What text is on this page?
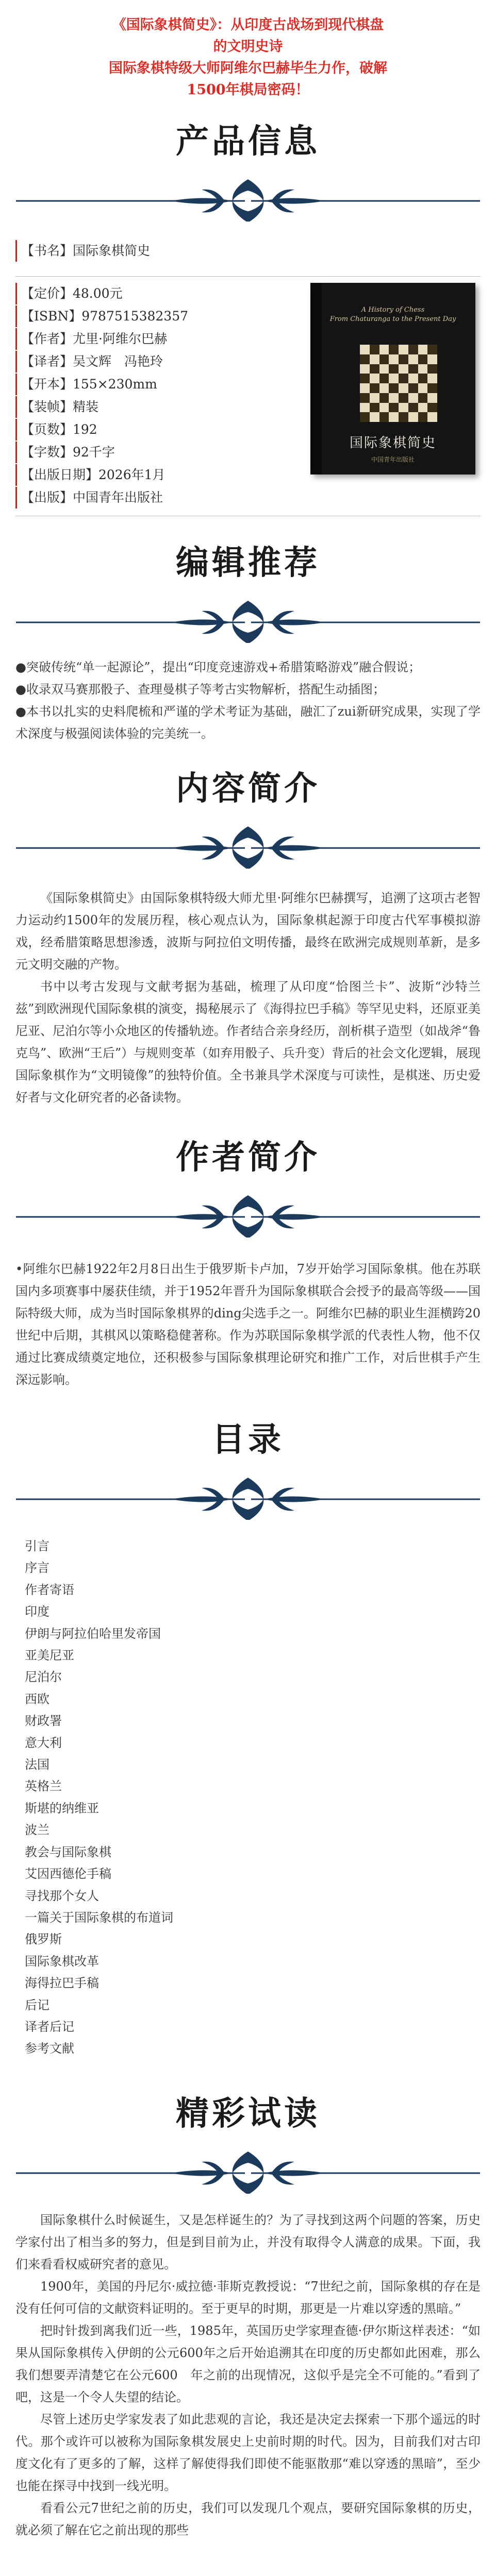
《国际象棋简史》：从印度古战场到现代棋盘

的文明史诗

国际象棋特级大师阿维尔巴赫毕生力作，破解

1500年棋局密码！

产品信息
【书名】国际象棋简史
【定价】48.00元
【ISBN】9787515382357
【作者】尤里·阿维尔巴赫
【译者】吴文辉　冯艳玲
【开本】155×230mm
【装帧】精装
【页数】192
【字数】92千字
【出版日期】2026年1月
【出版】中国青年出版社
A History of Chess
From Chaturanga to the Present Day
国际象棋简史
中国青年出版社
编辑推荐

●突破传统“单一起源论”，提出“印度竞速游戏+希腊策略游戏”融合假说；

●收录双马赛那骰子、查理曼棋子等考古实物解析，搭配生动插图；

●本书以扎实的史料爬梳和严谨的学术考证为基础，融汇了zui新研究成果，实现了学术深度与极强阅读体验的完美统一。

内容简介

《国际象棋简史》由国际象棋特级大师尤里·阿维尔巴赫撰写，追溯了这项古老智力运动约1500年的发展历程，核心观点认为，国际象棋起源于印度古代军事模拟游戏，经希腊策略思想渗透，波斯与阿拉伯文明传播，最终在欧洲完成规则革新，是多元文明交融的产物。

书中以考古发现与文献考据为基础，梳理了从印度“恰图兰卡”、波斯“沙特兰兹”到欧洲现代国际象棋的演变，揭秘展示了《海得拉巴手稿》等罕见史料，还原亚美尼亚、尼泊尔等小众地区的传播轨迹。作者结合亲身经历，剖析棋子造型（如战斧“鲁克鸟”、欧洲“王后”）与规则变革（如弃用骰子、兵升变）背后的社会文化逻辑，展现国际象棋作为“文明镜像”的独特价值。全书兼具学术深度与可读性，是棋迷、历史爱好者与文化研究者的必备读物。

作者简介

•阿维尔巴赫1922年2月8日出生于俄罗斯卡卢加，7岁开始学习国际象棋。他在苏联国内多项赛事中屡获佳绩，并于1952年晋升为国际象棋联合会授予的最高等级——国际特级大师，成为当时国际象棋界的ding尖选手之一。阿维尔巴赫的职业生涯横跨20世纪中后期，其棋风以策略稳健著称。作为苏联国际象棋学派的代表性人物，他不仅通过比赛成绩奠定地位，还积极参与国际象棋理论研究和推广工作，对后世棋手产生深远影响。

目录
引言
序言
作者寄语
印度
伊朗与阿拉伯哈里发帝国
亚美尼亚
尼泊尔
西欧
财政署
意大利
法国
英格兰
斯堪的纳维亚
波兰
教会与国际象棋
艾因西德伦手稿
寻找那个女人
一篇关于国际象棋的布道词
俄罗斯
国际象棋改革
海得拉巴手稿
后记
译者后记
参考文献
精彩试读

国际象棋什么时候诞生，又是怎样诞生的？为了寻找到这两个问题的答案，历史学家付出了相当多的努力，但是到目前为止，并没有取得令人满意的成果。下面，我们来看看权威研究者的意见。

1900年，美国的丹尼尔·威拉德·菲斯克教授说：“7世纪之前，国际象棋的存在是没有任何可信的文献资料证明的。至于更早的时期，那更是一片难以穿透的黑暗。”

把时针拨到离我们近一些，1985年，英国历史学家理查德·伊尔斯这样表述：“如果从国际象棋传入伊朗的公元600年之后开始追溯其在印度的历史都如此困难，那么我们想要弄清楚它在公元600　年之前的出现情况，这似乎是完全不可能的。”看到了吧，这是一个令人失望的结论。

尽管上述历史学家发表了如此悲观的言论，我还是决定去探索一下那个遥远的时代。那个或许可以被称为国际象棋发展史上史前时期的时代。因为，目前我们对古印度文化有了更多的了解，这样了解使得我们即使不能驱散那“难以穿透的黑暗”，至少也能在探寻中找到一线光明。

看看公元7世纪之前的历史，我们可以发现几个观点，要研究国际象棋的历史，就必须了解在它之前出现的那些
